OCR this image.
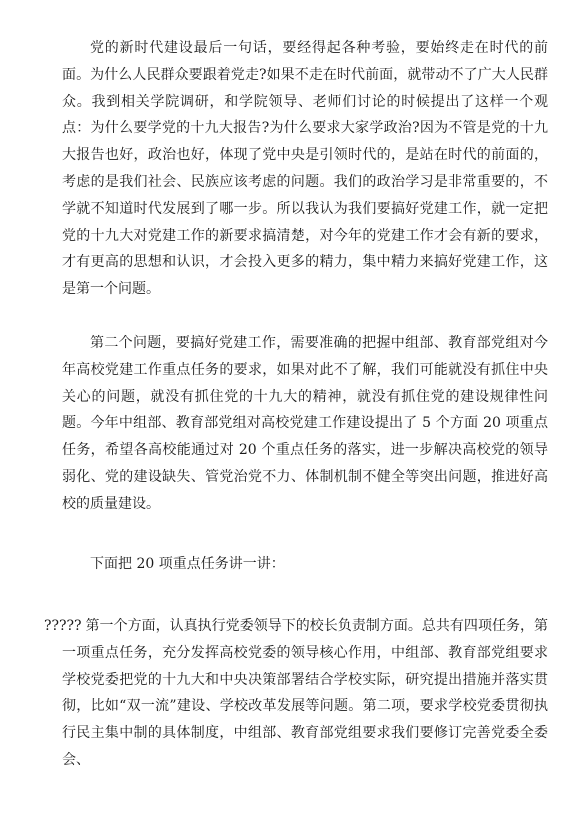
党的新时代建设最后一句话，要经得起各种考验，要始终走在时代的前面。为什么人民群众要跟着党走?如果不走在时代前面，就带动不了广大人民群众。我到相关学院调研，和学院领导、老师们讨论的时候提出了这样一个观点：为什么要学党的十九大报告?为什么要求大家学政治?因为不管是党的十九大报告也好，政治也好，体现了党中央是引领时代的，是站在时代的前面的，考虑的是我们社会、民族应该考虑的问题。我们的政治学习是非常重要的，不学就不知道时代发展到了哪一步。所以我认为我们要搞好党建工作，就一定把党的十九大对党建工作的新要求搞清楚，对今年的党建工作才会有新的要求，才有更高的思想和认识，才会投入更多的精力，集中精力来搞好党建工作，这是第一个问题。

第二个问题，要搞好党建工作，需要准确的把握中组部、教育部党组对今年高校党建工作重点任务的要求，如果对此不了解，我们可能就没有抓住中央关心的问题，就没有抓住党的十九大的精神，就没有抓住党的建设规律性问题。今年中组部、教育部党组对高校党建工作建设提出了 5 个方面 20 项重点任务，希望各高校能通过对 20 个重点任务的落实，进一步解决高校党的领导弱化、党的建设缺失、管党治党不力、体制机制不健全等突出问题，推进好高校的质量建设。

下面把 20 项重点任务讲一讲：

????? 第一个方面，认真执行党委领导下的校长负责制方面。总共有四项任务，第一项重点任务，充分发挥高校党委的领导核心作用，中组部、教育部党组要求学校党委把党的十九大和中央决策部署结合学校实际，研究提出措施并落实贯彻，比如“双一流”建设、学校改革发展等问题。第二项，要求学校党委贯彻执行民主集中制的具体制度，中组部、教育部党组要求我们要修订完善党委全委会、
